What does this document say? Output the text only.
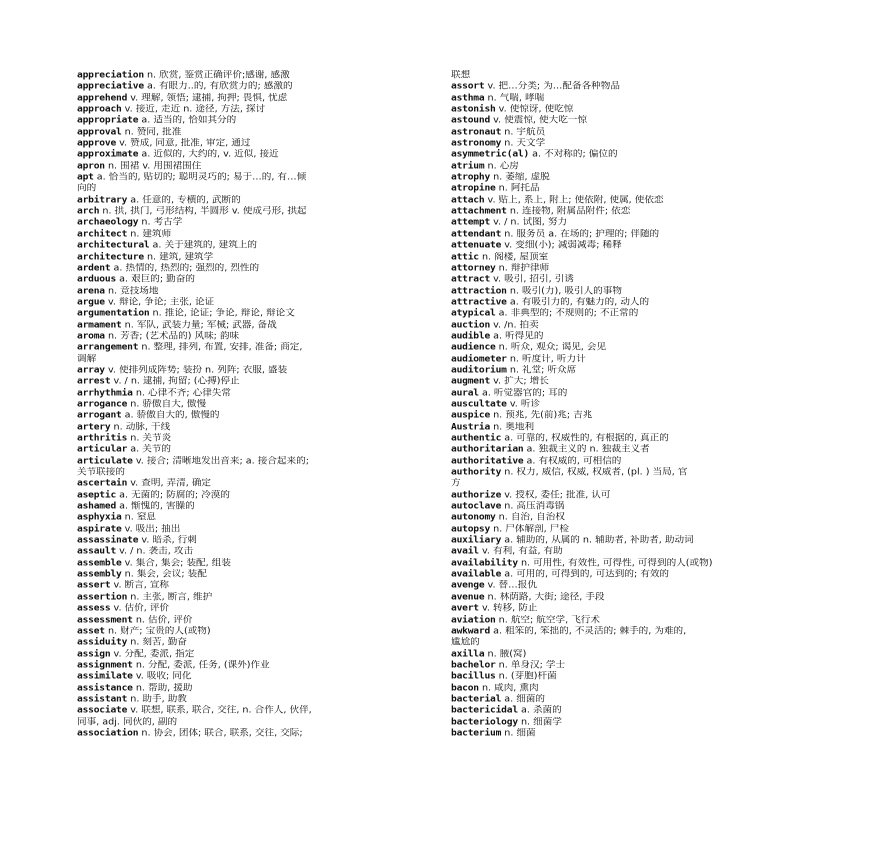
appreciation n. 欣赏, 鉴赏正确评价;感谢, 感激
appreciative a. 有眼力..的, 有欣赏力的; 感激的
apprehend v. 理解, 领悟; 逮捕, 拘押; 畏惧, 忧虑
approach v. 接近, 走近 n. 途径, 方法, 探讨
appropriate a. 适当的, 恰如其分的
approval n. 赞同, 批准
approve v. 赞成, 同意, 批准, 审定, 通过
approximate a. 近似的, 大约的, v. 近似, 接近
apron n. 围裙 v. 用围裙围住
apt a. 恰当的, 贴切的; 聪明灵巧的; 易于…的, 有…倾
向的
arbitrary a. 任意的, 专横的, 武断的
arch n. 拱, 拱门, 弓形结构, 半圆形 v. 使成弓形, 拱起
archaeology n. 考古学
architect n. 建筑师
architectural a. 关于建筑的, 建筑上的
architecture n. 建筑, 建筑学
ardent a. 热情的, 热烈的; 强烈的, 烈性的
arduous a. 艰巨的; 勤奋的
arena n. 竞技场地
argue v. 辩论, 争论; 主张, 论证
argumentation n. 推论, 论证; 争论, 辩论, 辩论文
armament n. 军队, 武装力量; 军械; 武器, 备战
aroma n. 芳香; (艺术品的) 风味; 韵味
arrangement n. 整理, 排列, 布置, 安排, 准备; 商定,
调解
array v. 使排列成阵势; 装扮 n. 列阵; 衣服, 盛装
arrest v. / n. 逮捕, 拘留; (心搏)停止
arrhythmia n. 心律不齐; 心律失常
arrogance n. 骄傲自大, 傲慢
arrogant a. 骄傲自大的, 傲慢的
artery n. 动脉, 干线
arthritis n. 关节炎
articular a. 关节的
articulate v. 接合; 清晰地发出音来; a. 接合起来的;
关节联接的
ascertain v. 查明, 弄清, 确定
aseptic a. 无菌的; 防腐的; 冷漠的
ashamed a. 惭愧的, 害臊的
asphyxia n. 窒息
aspirate v. 吸出; 抽出
assassinate v. 暗杀, 行刺
assault v. / n. 袭击, 攻击
assemble v. 集合, 集会; 装配, 组装
assembly n. 集会, 会议; 装配
assert v. 断言, 宣称
assertion n. 主张, 断言, 维护
assess v. 估价, 评价
assessment n. 估价, 评价
asset n. 财产; 宝贵的人(或物)
assiduity n. 刻苦, 勤奋
assign v. 分配, 委派, 指定
assignment n. 分配, 委派, 任务, (课外)作业
assimilate v. 吸收; 同化
assistance n. 帮助, 援助
assistant n. 助手, 助教
associate v. 联想, 联系, 联合, 交往, n. 合作人, 伙伴,
同事, adj. 同伙的, 副的
association n. 协会, 团体; 联合, 联系, 交往, 交际;
联想
assort v. 把…分类; 为…配备各种物品
asthma n. 气喘, 哮喘
astonish v. 使惊讶, 使吃惊
astound v. 使震惊, 使大吃一惊
astronaut n. 宇航员
astronomy n. 天文学
asymmetric(al) a. 不对称的; 偏位的
atrium n. 心房
atrophy n. 萎缩, 虚脱
atropine n. 阿托品
attach v. 贴上, 系上, 附上; 使依附, 使属, 使依恋
attachment n. 连接物, 附属品附件; 依恋
attempt v. / n. 试图, 努力
attendant n. 服务员 a. 在场的; 护理的; 伴随的
attenuate v. 变细(小); 减弱减毒; 稀释
attic n. 阁楼, 屋顶室
attorney n. 辩护律师
attract v. 吸引, 招引, 引诱
attraction n. 吸引(力), 吸引人的事物
attractive a. 有吸引力的, 有魅力的, 动人的
atypical a. 非典型的; 不规则的; 不正常的
auction v. /n. 拍卖
audible a. 听得见的
audience n. 听众, 观众; 谒见, 会见
audiometer n. 听度计, 听力计
auditorium n. 礼堂; 听众席
augment v. 扩大; 增长
aural a. 听觉器官的; 耳的
auscultate v. 听诊
auspice n. 预兆, 先(前)兆; 吉兆
Austria n. 奥地利
authentic a. 可靠的, 权威性的, 有根据的, 真正的
authoritarian a. 独裁主义的 n. 独裁主义者
authoritative a. 有权威的, 可相信的
authority n. 权力, 威信, 权威, 权威者, (pl. ) 当局, 官
方
authorize v. 授权, 委任; 批准, 认可
autoclave n. 高压消毒锅
autonomy n. 自治, 自治权
autopsy n. 尸体解剖, 尸检
auxiliary a. 辅助的, 从属的 n. 辅助者, 补助者, 助动词
avail v. 有利, 有益, 有助
availability n. 可用性, 有效性, 可得性, 可得到的人(或物)
available a. 可用的, 可得到的, 可达到的; 有效的
avenge v. 替…报仇
avenue n. 林荫路, 大街; 途径, 手段
avert v. 转移, 防止
aviation n. 航空; 航空学, 飞行术
awkward a. 粗笨的, 笨拙的, 不灵活的; 棘手的, 为难的,
尴尬的
axilla n. 腋(窝)
bachelor n. 单身汉; 学士
bacillus n. (芽胞)杆菌
bacon n. 咸肉, 熏肉
bacterial a. 细菌的
bactericidal a. 杀菌的
bacteriology n. 细菌学
bacterium n. 细菌
